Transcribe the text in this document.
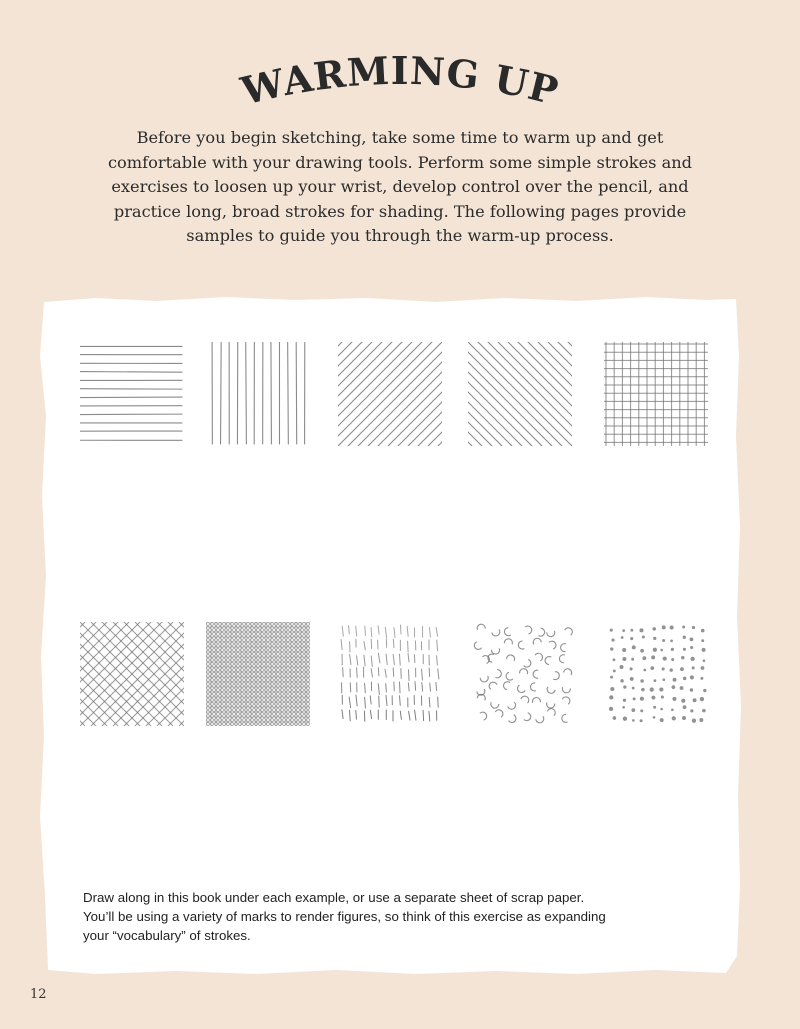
WARMING UP

Before you begin sketching, take some time to warm up and get
comfortable with your drawing tools. Perform some simple strokes and
exercises to loosen up your wrist, develop control over the pencil, and
practice long, broad strokes for shading. The following pages provide
samples to guide you through the warm-up process.

Draw along in this book under each example, or use a separate sheet of scrap paper.
You’ll be using a variety of marks to render figures, so think of this exercise as expanding
your “vocabulary” of strokes.

12
